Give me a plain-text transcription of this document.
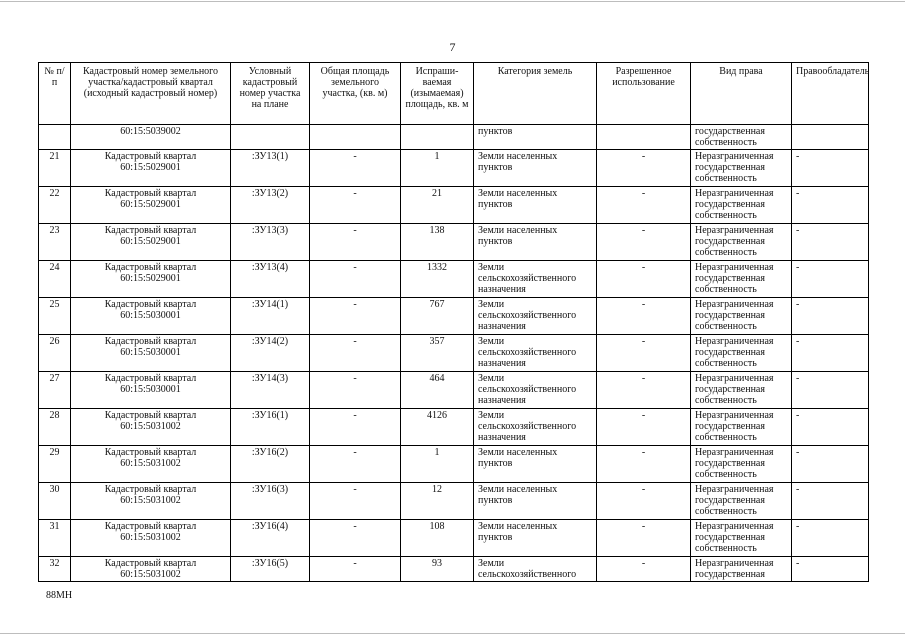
7
№ п/п	Кадастровый номер земельного участка/кадастровый квартал (исходный кадастровый номер)	Условный кадастровый номер участка на плане	Общая площадь земельного участка, (кв. м)	Испраши-ваемая (изымаемая) площадь, кв. м	Категория земель	Разрешенное использование	Вид права	Правообладатель
	60:15:5039002				пунктов		государственная собственность	
21	Кадастровый квартал 60:15:5029001	:ЗУ13(1)	-	1	Земли населенных пунктов	-	Неразграниченная государственная собственность	-
22	Кадастровый квартал 60:15:5029001	:ЗУ13(2)	-	21	Земли населенных пунктов	-	Неразграниченная государственная собственность	-
23	Кадастровый квартал 60:15:5029001	:ЗУ13(3)	-	138	Земли населенных пунктов	-	Неразграниченная государственная собственность	-
24	Кадастровый квартал 60:15:5029001	:ЗУ13(4)	-	1332	Земли сельскохозяйственного назначения	-	Неразграниченная государственная собственность	-
25	Кадастровый квартал 60:15:5030001	:ЗУ14(1)	-	767	Земли сельскохозяйственного назначения	-	Неразграниченная государственная собственность	-
26	Кадастровый квартал 60:15:5030001	:ЗУ14(2)	-	357	Земли сельскохозяйственного назначения	-	Неразграниченная государственная собственность	-
27	Кадастровый квартал 60:15:5030001	:ЗУ14(3)	-	464	Земли сельскохозяйственного назначения	-	Неразграниченная государственная собственность	-
28	Кадастровый квартал 60:15:5031002	:ЗУ16(1)	-	4126	Земли сельскохозяйственного назначения	-	Неразграниченная государственная собственность	-
29	Кадастровый квартал 60:15:5031002	:ЗУ16(2)	-	1	Земли населенных пунктов	-	Неразграниченная государственная собственность	-
30	Кадастровый квартал 60:15:5031002	:ЗУ16(3)	-	12	Земли населенных пунктов	-	Неразграниченная государственная собственность	-
31	Кадастровый квартал 60:15:5031002	:ЗУ16(4)	-	108	Земли населенных пунктов	-	Неразграниченная государственная собственность	-
32	Кадастровый квартал 60:15:5031002	:ЗУ16(5)	-	93	Земли сельскохозяйственного	-	Неразграниченная государственная	-
88МН
